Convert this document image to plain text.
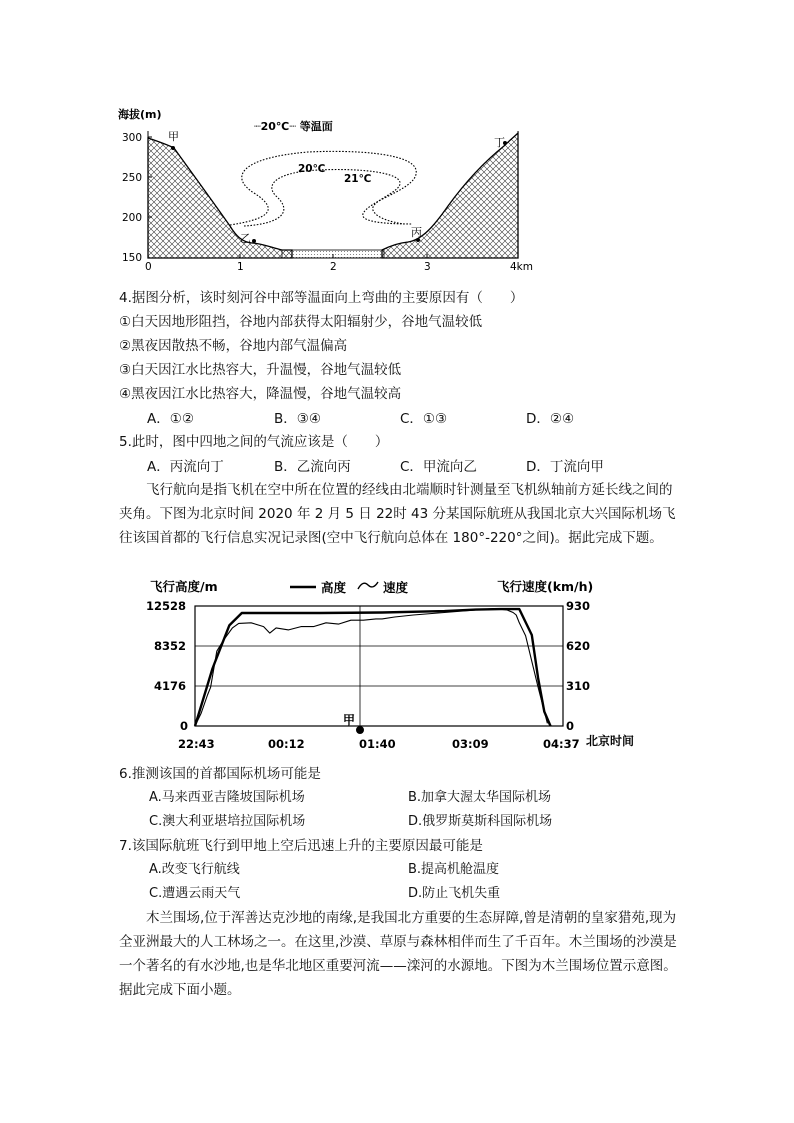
海拔(m)
┈20℃┈ 等温面
300
250
200
150
0	1	2	3	4km
20℃
21℃
甲
乙	丙
丁
4.据图分析，该时刻河谷中部等温面向上弯曲的主要原因有（　　）
①白天因地形阻挡，谷地内部获得太阳辐射少，谷地气温较低
②黑夜因散热不畅，谷地内部气温偏高
③白天因江水比热容大，升温慢，谷地气温较低
④黑夜因江水比热容大，降温慢，谷地气温较高
A．①②	B．③④	C．①③	D．②④
5.此时，图中四地之间的气流应该是（　　）
A．丙流向丁	B．乙流向丙	C．甲流向乙	D．丁流向甲
飞行航向是指飞机在空中所在位置的经线由北端顺时针测量至飞机纵轴前方延长线之间的夹角。下图为北京时间 2020 年 2 月 5 日 22时 43 分某国际航班从我国北京大兴国际机场飞往该国首都的飞行信息实况记录图(空中飞行航向总体在 180°-220°之间)。据此完成下题。
甲
飞行高度/m	飞行速度(km/h)
高度	速度
12528
8352
4176
0
930
620
310
0
22:43	00:12	01:40	03:09	04:37 北京时间
6.推测该国的首都国际机场可能是
A.马来西亚吉隆坡国际机场	B.加拿大渥太华国际机场
C.澳大利亚堪培拉国际机场	D.俄罗斯莫斯科国际机场
7.该国际航班飞行到甲地上空后迅速上升的主要原因最可能是
A.改变飞行航线	B.提高机舱温度
C.遭遇云雨天气	D.防止飞机失重
木兰围场,位于浑善达克沙地的南缘,是我国北方重要的生态屏障,曾是清朝的皇家猎苑,现为全亚洲最大的人工林场之一。在这里,沙漠、草原与森林相伴而生了千百年。木兰围场的沙漠是一个著名的有水沙地,也是华北地区重要河流——滦河的水源地。下图为木兰围场位置示意图。据此完成下面小题。
